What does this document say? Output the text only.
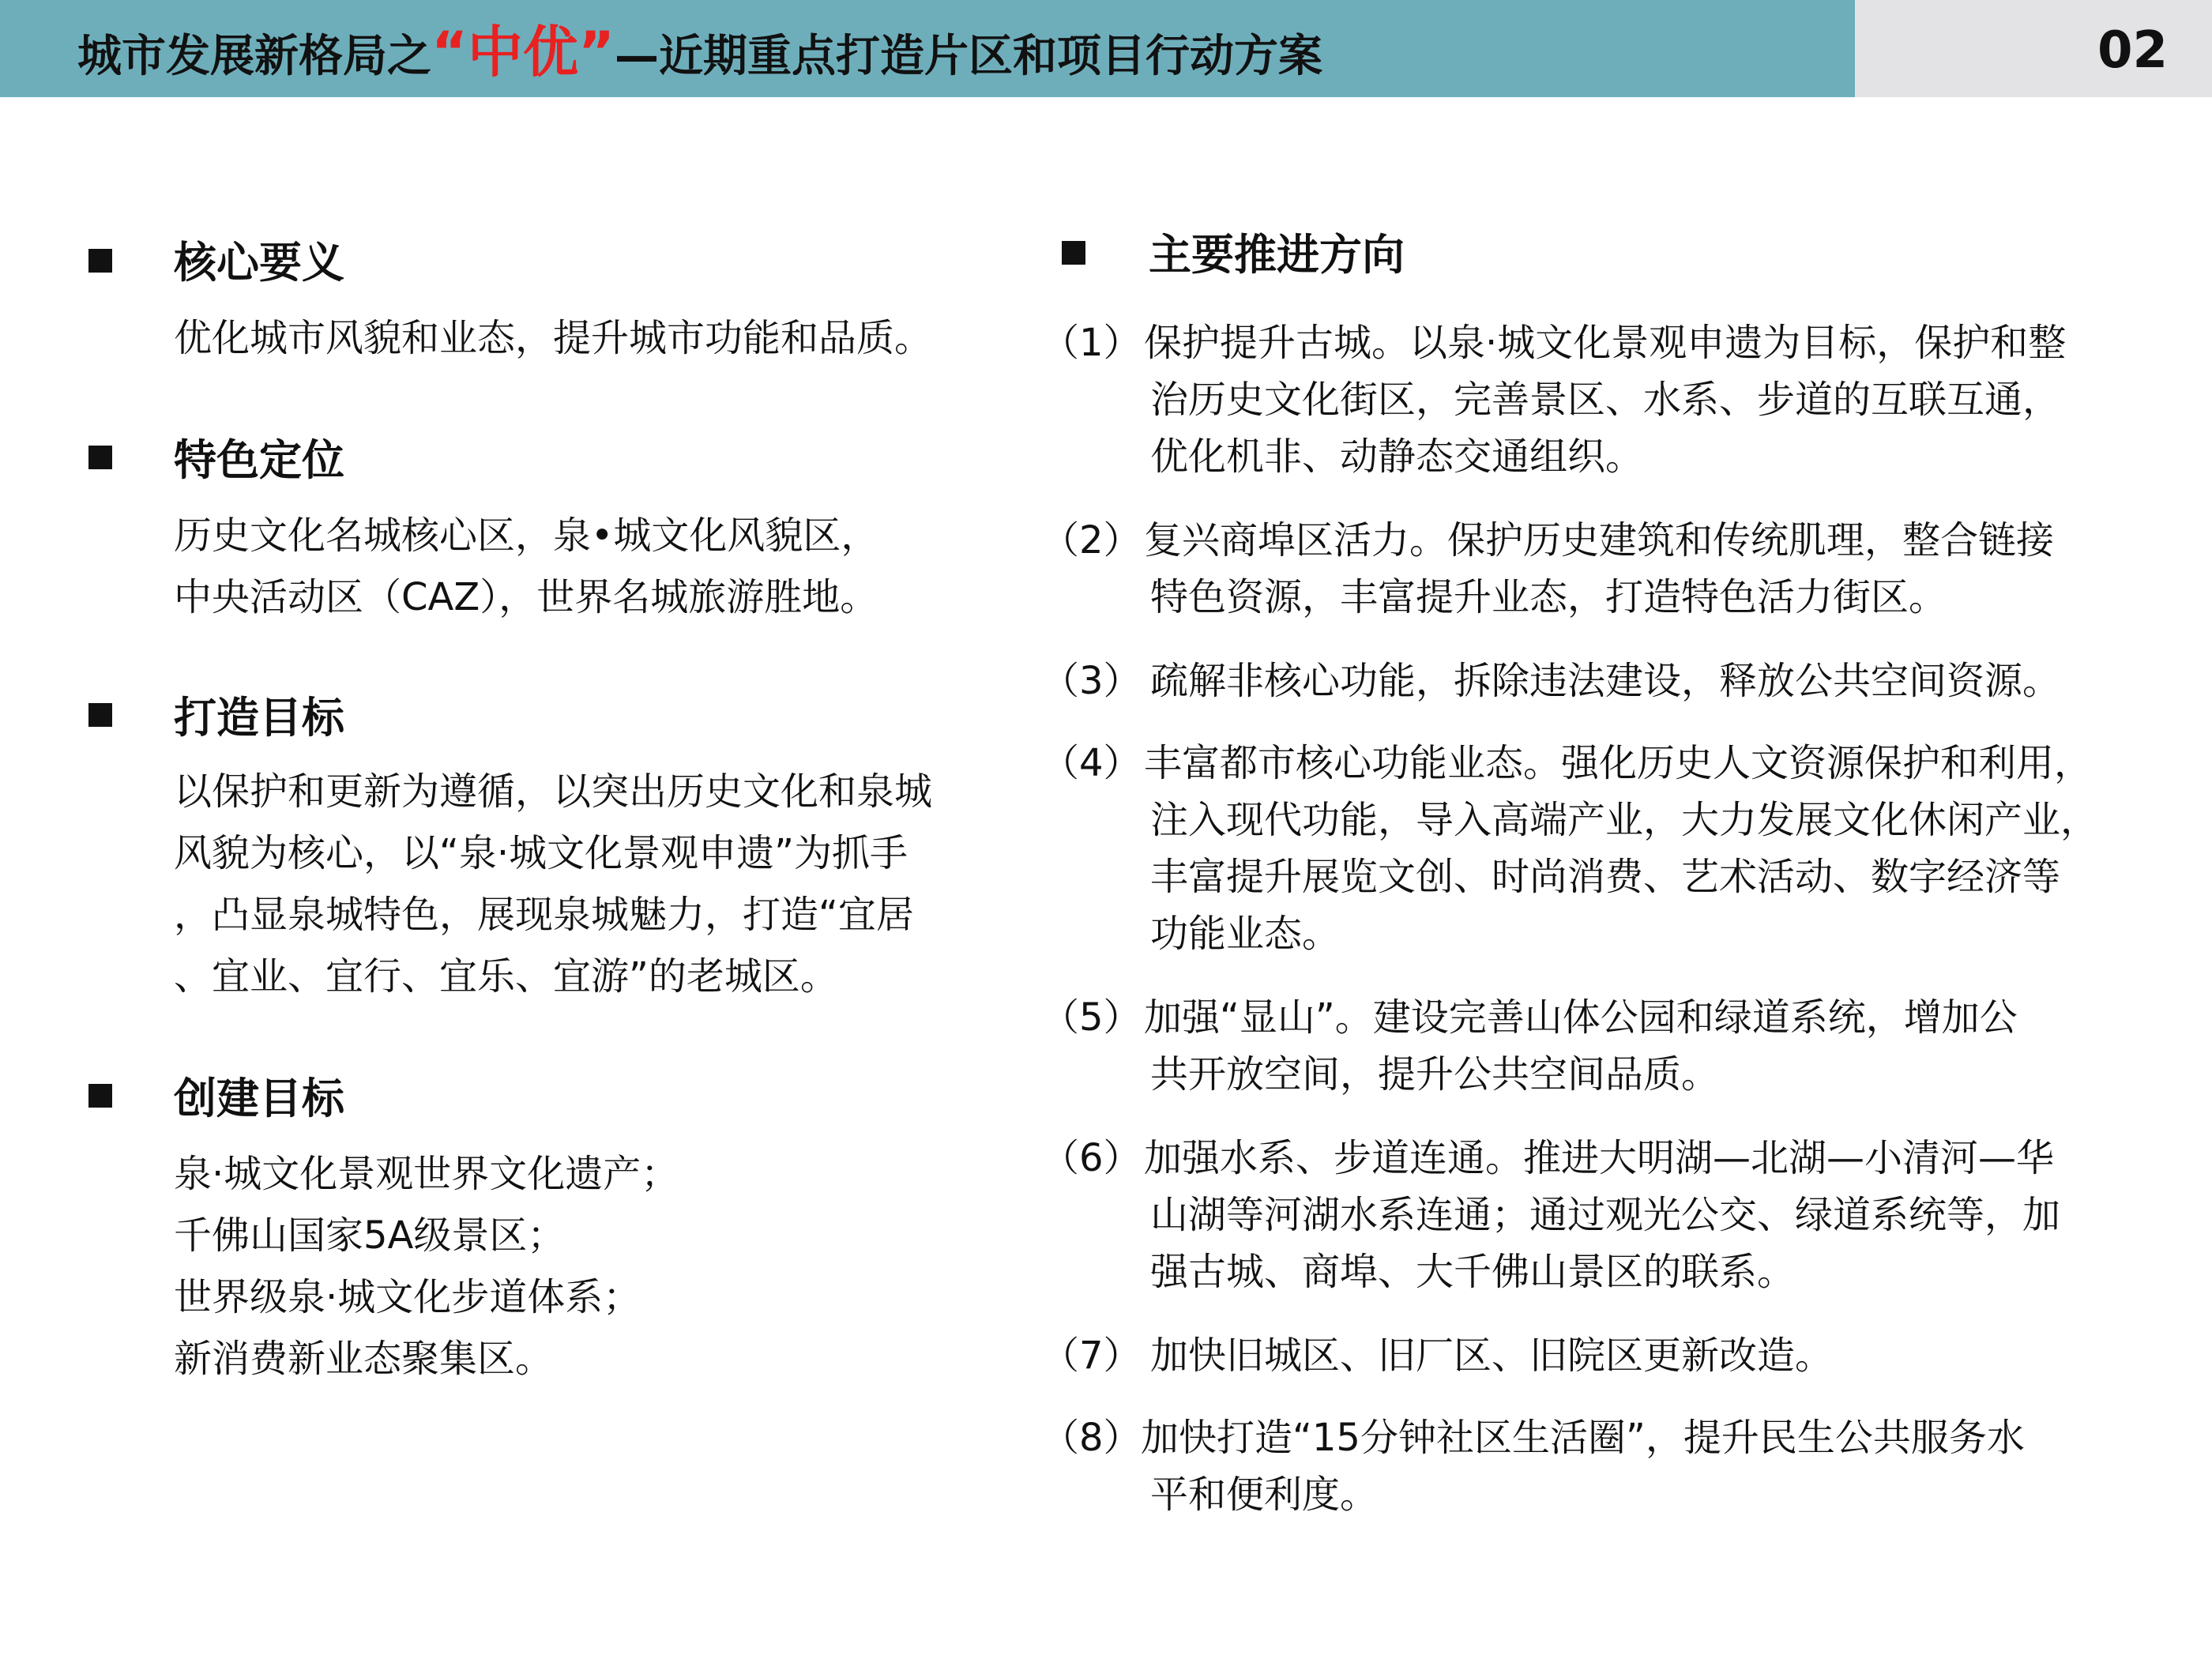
城市发展新格局之“中优”—近期重点打造片区和项目行动方案	02
核心要义
优化城市风貌和业态，提升城市功能和品质。
特色定位
历史文化名城核心区，泉•城文化风貌区，
中央活动区（CAZ），世界名城旅游胜地。
打造目标
以保护和更新为遵循，以突出历史文化和泉城
风貌为核心，以“泉·城文化景观申遗”为抓手
，凸显泉城特色，展现泉城魅力，打造“宜居
、宜业、宜行、宜乐、宜游”的老城区。
创建目标
泉·城文化景观世界文化遗产；
千佛山国家5A级景区；
世界级泉·城文化步道体系；
新消费新业态聚集区。
主要推进方向
（1） 保护提升古城。以泉·城文化景观申遗为目标，保护和整
治历史文化街区，完善景区、水系、步道的互联互通，
优化机非、动静态交通组织。
（2） 复兴商埠区活力。保护历史建筑和传统肌理，整合链接
特色资源，丰富提升业态，打造特色活力街区。
（3） 疏解非核心功能，拆除违法建设，释放公共空间资源。
（4） 丰富都市核心功能业态。强化历史人文资源保护和利用，
注入现代功能，导入高端产业，大力发展文化休闲产业，
丰富提升展览文创、时尚消费、艺术活动、数字经济等
功能业态。
（5） 加强“显山”。建设完善山体公园和绿道系统，增加公
共开放空间，提升公共空间品质。
（6） 加强水系、步道连通。推进大明湖—北湖—小清河—华
山湖等河湖水系连通；通过观光公交、绿道系统等，加
强古城、商埠、大千佛山景区的联系。
（7） 加快旧城区、旧厂区、旧院区更新改造。
（8） 加快打造“15分钟社区生活圈”，提升民生公共服务水
平和便利度。
